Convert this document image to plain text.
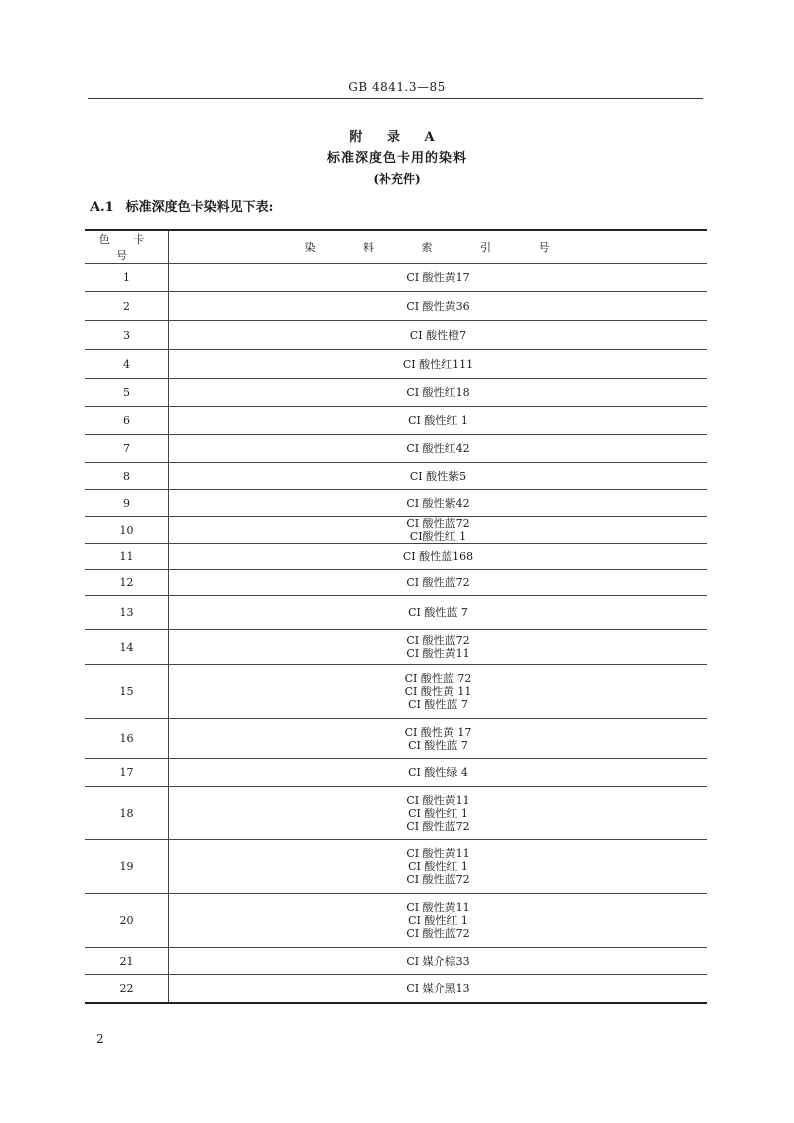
GB 4841.3—85
附 录 A
标准深度色卡用的染料
(补充件)
A.1 标准深度色卡染料见下表:
色 卡 号	染 料 索 引 号
1	CI 酸性黄17

2	CI 酸性黄36

3	CI 酸性橙7

4	CI 酸性红111

5	CI 酸性红18

6	CI 酸性红 1

7	CI 酸性红42

8	CI 酸性紫5

9	CI 酸性紫42

10	CI 酸性蓝72
CI酸性红 1

11	CI 酸性蓝168

12	CI 酸性蓝72

13	CI 酸性蓝 7

14	CI 酸性蓝72
CI 酸性黄11

15	CI 酸性蓝 72
CI 酸性黄 11
CI 酸性蓝 7

16	CI 酸性黄 17
CI 酸性蓝 7

17	CI 酸性绿 4

18	CI 酸性黄11
CI 酸性红 1
CI 酸性蓝72

19	CI 酸性黄11
CI 酸性红 1
CI 酸性蓝72

20	CI 酸性黄11
CI 酸性红 1
CI 酸性蓝72

21	CI 媒介棕33

22	CI 媒介黑13
2
